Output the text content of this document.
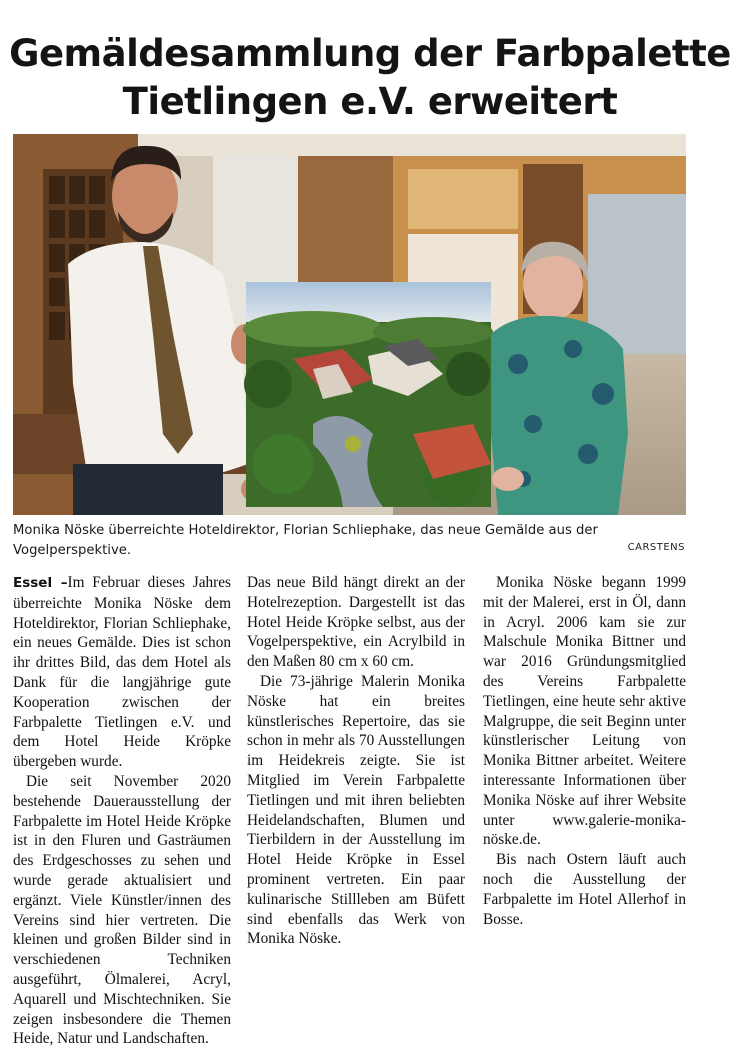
Gemäldesammlung der Farbpalette
Tietlingen e.V. erweitert
Monika Nöske überreichte Hoteldirektor, Florian Schliephake, das neue Gemälde aus der Vogelperspektive.	CARSTENS

Essel –Im Februar dieses Jahres überreichte Monika Nöske dem Hoteldirektor, Florian Schliephake, ein neues Gemälde. Dies ist schon ihr drittes Bild, das dem Hotel als Dank für die langjährige gute Kooperation zwischen der Farbpalette Tietlingen e.V. und dem Hotel Heide Kröpke übergeben wurde.

Die seit November 2020 bestehende Dauerausstellung der Farbpalette im Hotel Heide Kröpke ist in den Fluren und Gasträumen des Erdgeschosses zu sehen und wurde gerade aktualisiert und ergänzt. Viele Künstler/innen des Vereins sind hier vertreten. Die kleinen und großen Bilder sind in verschiedenen Techniken ausgeführt, Ölmalerei, Acryl, Aquarell und Mischtechniken. Sie zeigen insbesondere die Themen Heide, Natur und Landschaften.

Das neue Bild hängt direkt an der Hotelrezeption. Dargestellt ist das Hotel Heide Kröpke selbst, aus der Vogelperspektive, ein Acrylbild in den Maßen 80 cm x 60 cm.

Die 73-jährige Malerin Monika Nöske hat ein breites künstlerisches Repertoire, das sie schon in mehr als 70 Ausstellungen im Heidekreis zeigte. Sie ist Mitglied im Verein Farbpalette Tietlingen und mit ihren beliebten Heidelandschaften, Blumen und Tierbildern in der Ausstellung im Hotel Heide Kröpke in Essel prominent vertreten. Ein paar kulinarische Stillleben am Büfett sind ebenfalls das Werk von Monika Nöske.

Monika Nöske begann 1999 mit der Malerei, erst in Öl, dann in Acryl. 2006 kam sie zur Malschule Monika Bittner und war 2016 Gründungsmitglied des Vereins Farbpalette Tietlingen, eine heute sehr aktive Malgruppe, die seit Beginn unter künstlerischer Leitung von Monika Bittner arbeitet. Weitere interessante Informationen über Monika Nöske auf ihrer Website unter www.galerie-monika-nöske.de.

Bis nach Ostern läuft auch noch die Ausstellung der Farbpalette im Hotel Allerhof in Bosse.
